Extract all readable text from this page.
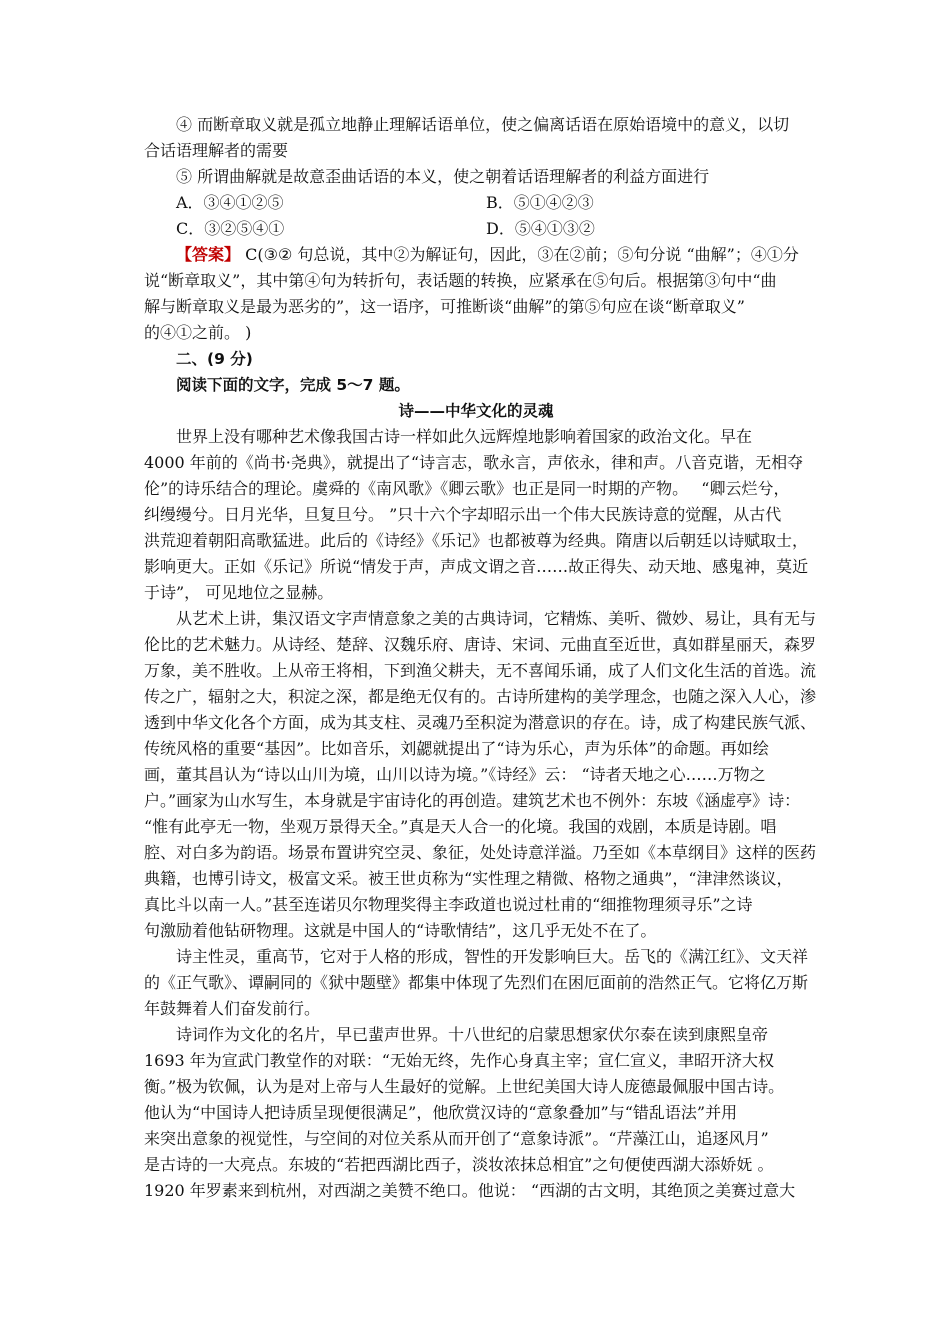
④ 而断章取义就是孤立地静止理解话语单位，使之偏离话语在原始语境中的意义，以切
合话语理解者的需要
⑤ 所谓曲解就是故意歪曲话语的本义，使之朝着话语理解者的利益方面进行
A．③④①②⑤	B．⑤①④②③
C．③②⑤④①	D．⑤④①③②
【答案】 C(③② 句总说，其中②为解证句，因此，③在②前；⑤句分说 “曲解”；④①分
说“断章取义”，其中第④句为转折句，表话题的转换，应紧承在⑤句后。根据第③句中“曲
解与断章取义是最为恶劣的”，这一语序，可推断谈“曲解”的第⑤句应在谈“断章取义”
的④①之前。 )
二、(9 分)
阅读下面的文字，完成 5～7 题。
诗——中华文化的灵魂
世界上没有哪种艺术像我国古诗一样如此久远辉煌地影响着国家的政治文化。早在
4000 年前的《尚书·尧典》，就提出了“诗言志，歌永言，声依永，律和声。八音克谐，无相夺
伦”的诗乐结合的理论。虞舜的《南风歌》《卿云歌》也正是同一时期的产物。　 “卿云烂兮，
纠缦缦兮。日月光华，旦复旦兮。 ”只十六个字却昭示出一个伟大民族诗意的觉醒，从古代
洪荒迎着朝阳高歌猛进。此后的《诗经》《乐记》也都被尊为经典。隋唐以后朝廷以诗赋取士，
影响更大。正如《乐记》所说“情发于声，声成文谓之音……故正得失、动天地、感鬼神，莫近
于诗”， 可见地位之显赫。
从艺术上讲，集汉语文字声情意象之美的古典诗词，它精炼、美听、微妙、易让，具有无与
伦比的艺术魅力。从诗经、楚辞、汉魏乐府、唐诗、宋词、元曲直至近世，真如群星丽天，森罗
万象，美不胜收。上从帝王将相，下到渔父耕夫，无不喜闻乐诵，成了人们文化生活的首选。流
传之广，辐射之大，积淀之深，都是绝无仅有的。古诗所建构的美学理念，也随之深入人心，渗
透到中华文化各个方面，成为其支柱、灵魂乃至积淀为潜意识的存在。诗，成了构建民族气派、
传统风格的重要“基因”。比如音乐，刘勰就提出了“诗为乐心，声为乐体”的命题。再如绘
画，董其昌认为“诗以山川为境，山川以诗为境。”《诗经》云： “诗者天地之心……万物之
户。”画家为山水写生，本身就是宇宙诗化的再创造。建筑艺术也不例外：东坡《涵虚亭》诗：
“惟有此亭无一物，坐观万景得天全。”真是天人合一的化境。我国的戏剧，本质是诗剧。唱
腔、对白多为韵语。场景布置讲究空灵、象征，处处诗意洋溢。乃至如《本草纲目》这样的医药
典籍，也博引诗文，极富文采。被王世贞称为“实性理之精微、格物之通典”，“津津然谈议，
真比斗以南一人。”甚至连诺贝尔物理奖得主李政道也说过杜甫的“细推物理须寻乐”之诗
句激励着他钻研物理。这就是中国人的“诗歌情结”，这几乎无处不在了。
诗主性灵，重高节，它对于人格的形成，智性的开发影响巨大。岳飞的《满江红》、文天祥
的《正气歌》、谭嗣同的《狱中题壁》都集中体现了先烈们在困厄面前的浩然正气。它将亿万斯
年鼓舞着人们奋发前行。
诗词作为文化的名片，早已蜚声世界。十八世纪的启蒙思想家伏尔泰在读到康熙皇帝
1693 年为宣武门教堂作的对联：“无始无终，先作心身真主宰；宣仁宣义，聿昭开济大权
衡。”极为钦佩，认为是对上帝与人生最好的觉解。上世纪美国大诗人庞德最佩服中国古诗。
他认为“中国诗人把诗质呈现便很满足”，他欣赏汉诗的“意象叠加”与“错乱语法”并用
来突出意象的视觉性，与空间的对位关系从而开创了“意象诗派”。“芹藻江山，追逐风月”
是古诗的一大亮点。东坡的“若把西湖比西子，淡妆浓抹总相宜”之句便使西湖大添娇妩 。
1920 年罗素来到杭州，对西湖之美赞不绝口。他说： “西湖的古文明，其绝顶之美赛过意大
